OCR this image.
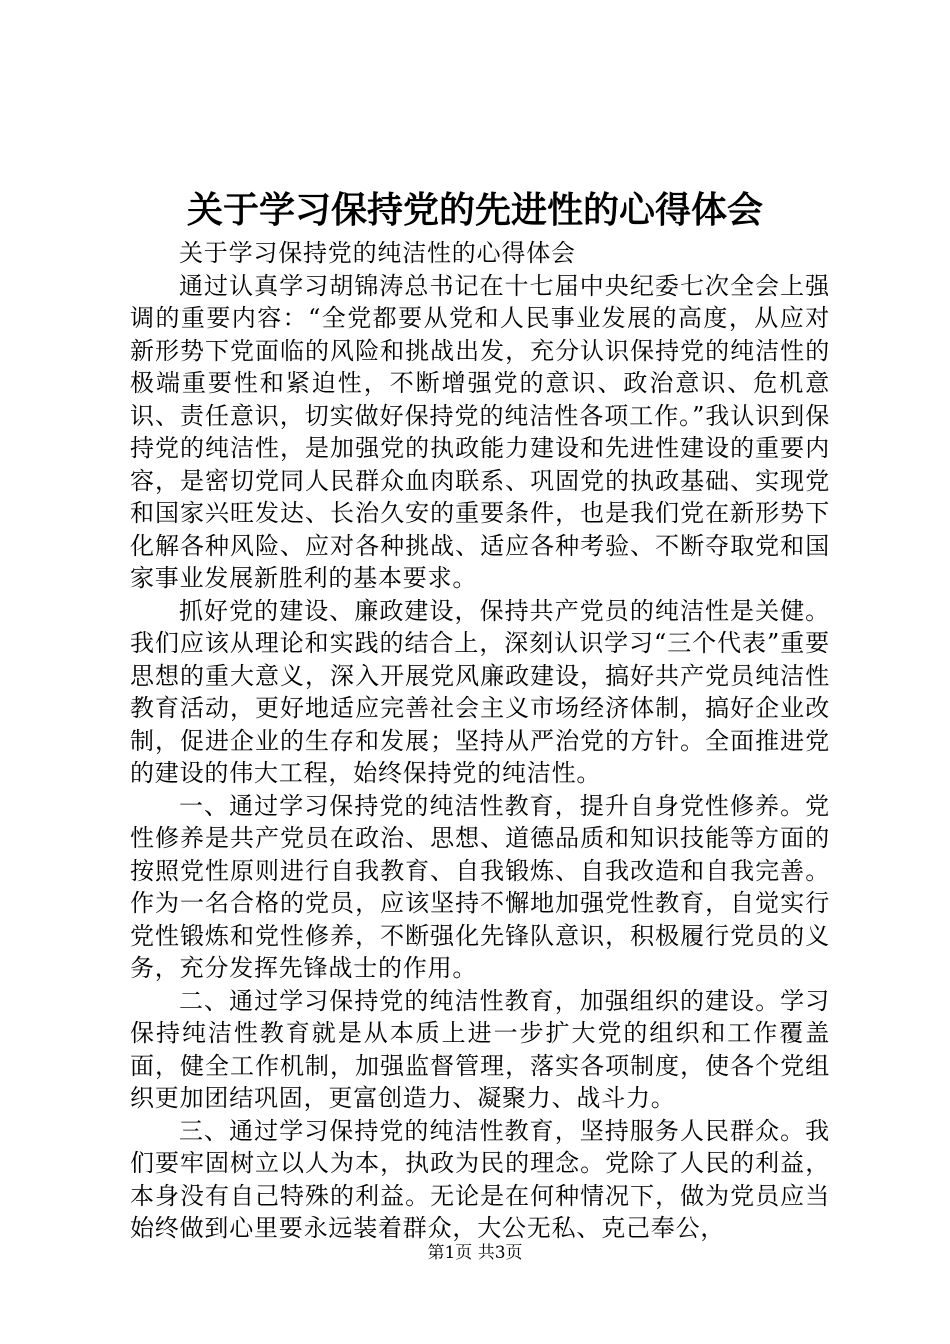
关于学习保持党的先进性的心得体会

关于学习保持党的纯洁性的心得体会

通过认真学习胡锦涛总书记在十七届中央纪委七次全会上强调的重要内容：“全党都要从党和人民事业发展的高度，从应对新形势下党面临的风险和挑战出发，充分认识保持党的纯洁性的极端重要性和紧迫性，不断增强党的意识、政治意识、危机意识、责任意识，切实做好保持党的纯洁性各项工作。”我认识到保持党的纯洁性，是加强党的执政能力建设和先进性建设的重要内容，是密切党同人民群众血肉联系、巩固党的执政基础、实现党和国家兴旺发达、长治久安的重要条件，也是我们党在新形势下化解各种风险、应对各种挑战、适应各种考验、不断夺取党和国家事业发展新胜利的基本要求。

抓好党的建设、廉政建设，保持共产党员的纯洁性是关健。我们应该从理论和实践的结合上，深刻认识学习“三个代表”重要思想的重大意义，深入开展党风廉政建设，搞好共产党员纯洁性教育活动，更好地适应完善社会主义市场经济体制，搞好企业改制，促进企业的生存和发展；坚持从严治党的方针。全面推进党的建设的伟大工程，始终保持党的纯洁性。

一、通过学习保持党的纯洁性教育，提升自身党性修养。党性修养是共产党员在政治、思想、道德品质和知识技能等方面的按照党性原则进行自我教育、自我锻炼、自我改造和自我完善。作为一名合格的党员，应该坚持不懈地加强党性教育，自觉实行党性锻炼和党性修养，不断强化先锋队意识，积极履行党员的义务，充分发挥先锋战士的作用。

二、通过学习保持党的纯洁性教育，加强组织的建设。学习保持纯洁性教育就是从本质上进一步扩大党的组织和工作覆盖面，健全工作机制，加强监督管理，落实各项制度，使各个党组织更加团结巩固，更富创造力、凝聚力、战斗力。

三、通过学习保持党的纯洁性教育，坚持服务人民群众。我们要牢固树立以人为本，执政为民的理念。党除了人民的利益，本身没有自己特殊的利益。无论是在何种情况下，做为党员应当始终做到心里要永远装着群众，大公无私、克己奉公，

第1页 共3页
